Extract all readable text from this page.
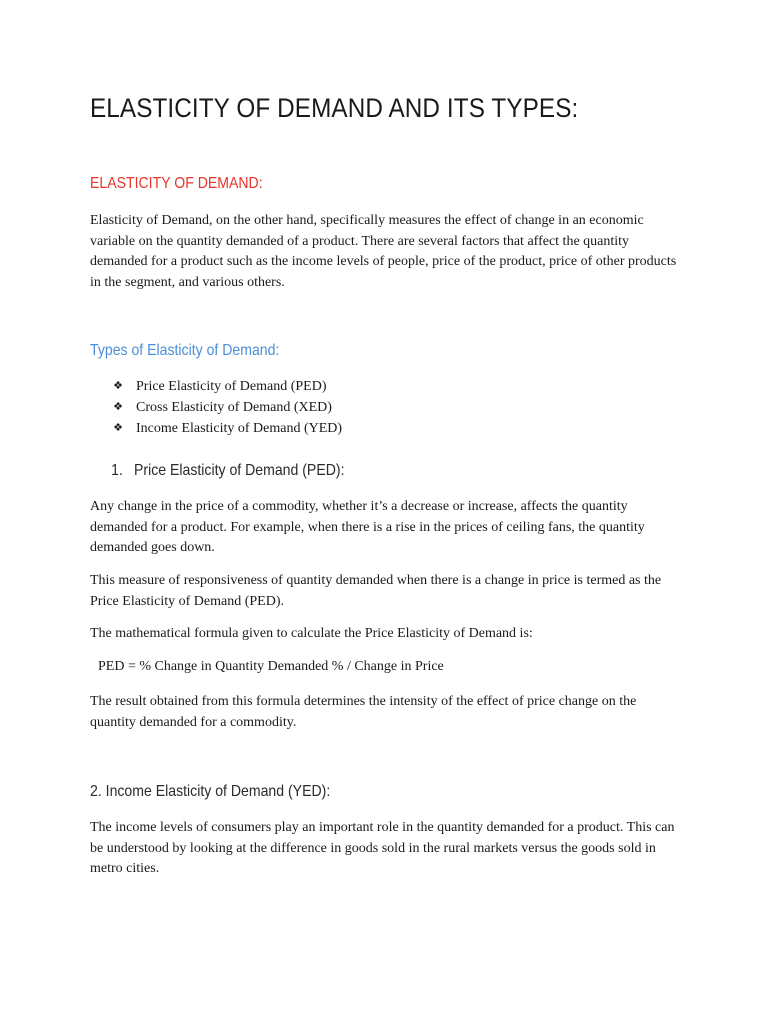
ELASTICITY OF DEMAND AND ITS TYPES:
ELASTICITY OF DEMAND:

Elasticity of Demand, on the other hand, specifically measures the effect of change in an economic variable on the quantity demanded of a product. There are several factors that affect the quantity demanded for a product such as the income levels of people, price of the product, price of other products in the segment, and various others.

Types of Elasticity of Demand:
❖ Price Elasticity of Demand (PED)
❖ Cross Elasticity of Demand (XED)
❖ Income Elasticity of Demand (YED)
1. Price Elasticity of Demand (PED):

Any change in the price of a commodity, whether it’s a decrease or increase, affects the quantity demanded for a product. For example, when there is a rise in the prices of ceiling fans, the quantity demanded goes down.

This measure of responsiveness of quantity demanded when there is a change in price is termed as the Price Elasticity of Demand (PED).

The mathematical formula given to calculate the Price Elasticity of Demand is:

PED = % Change in Quantity Demanded % / Change in Price

The result obtained from this formula determines the intensity of the effect of price change on the quantity demanded for a commodity.

2. Income Elasticity of Demand (YED):

The income levels of consumers play an important role in the quantity demanded for a product. This can be understood by looking at the difference in goods sold in the rural markets versus the goods sold in metro cities.
